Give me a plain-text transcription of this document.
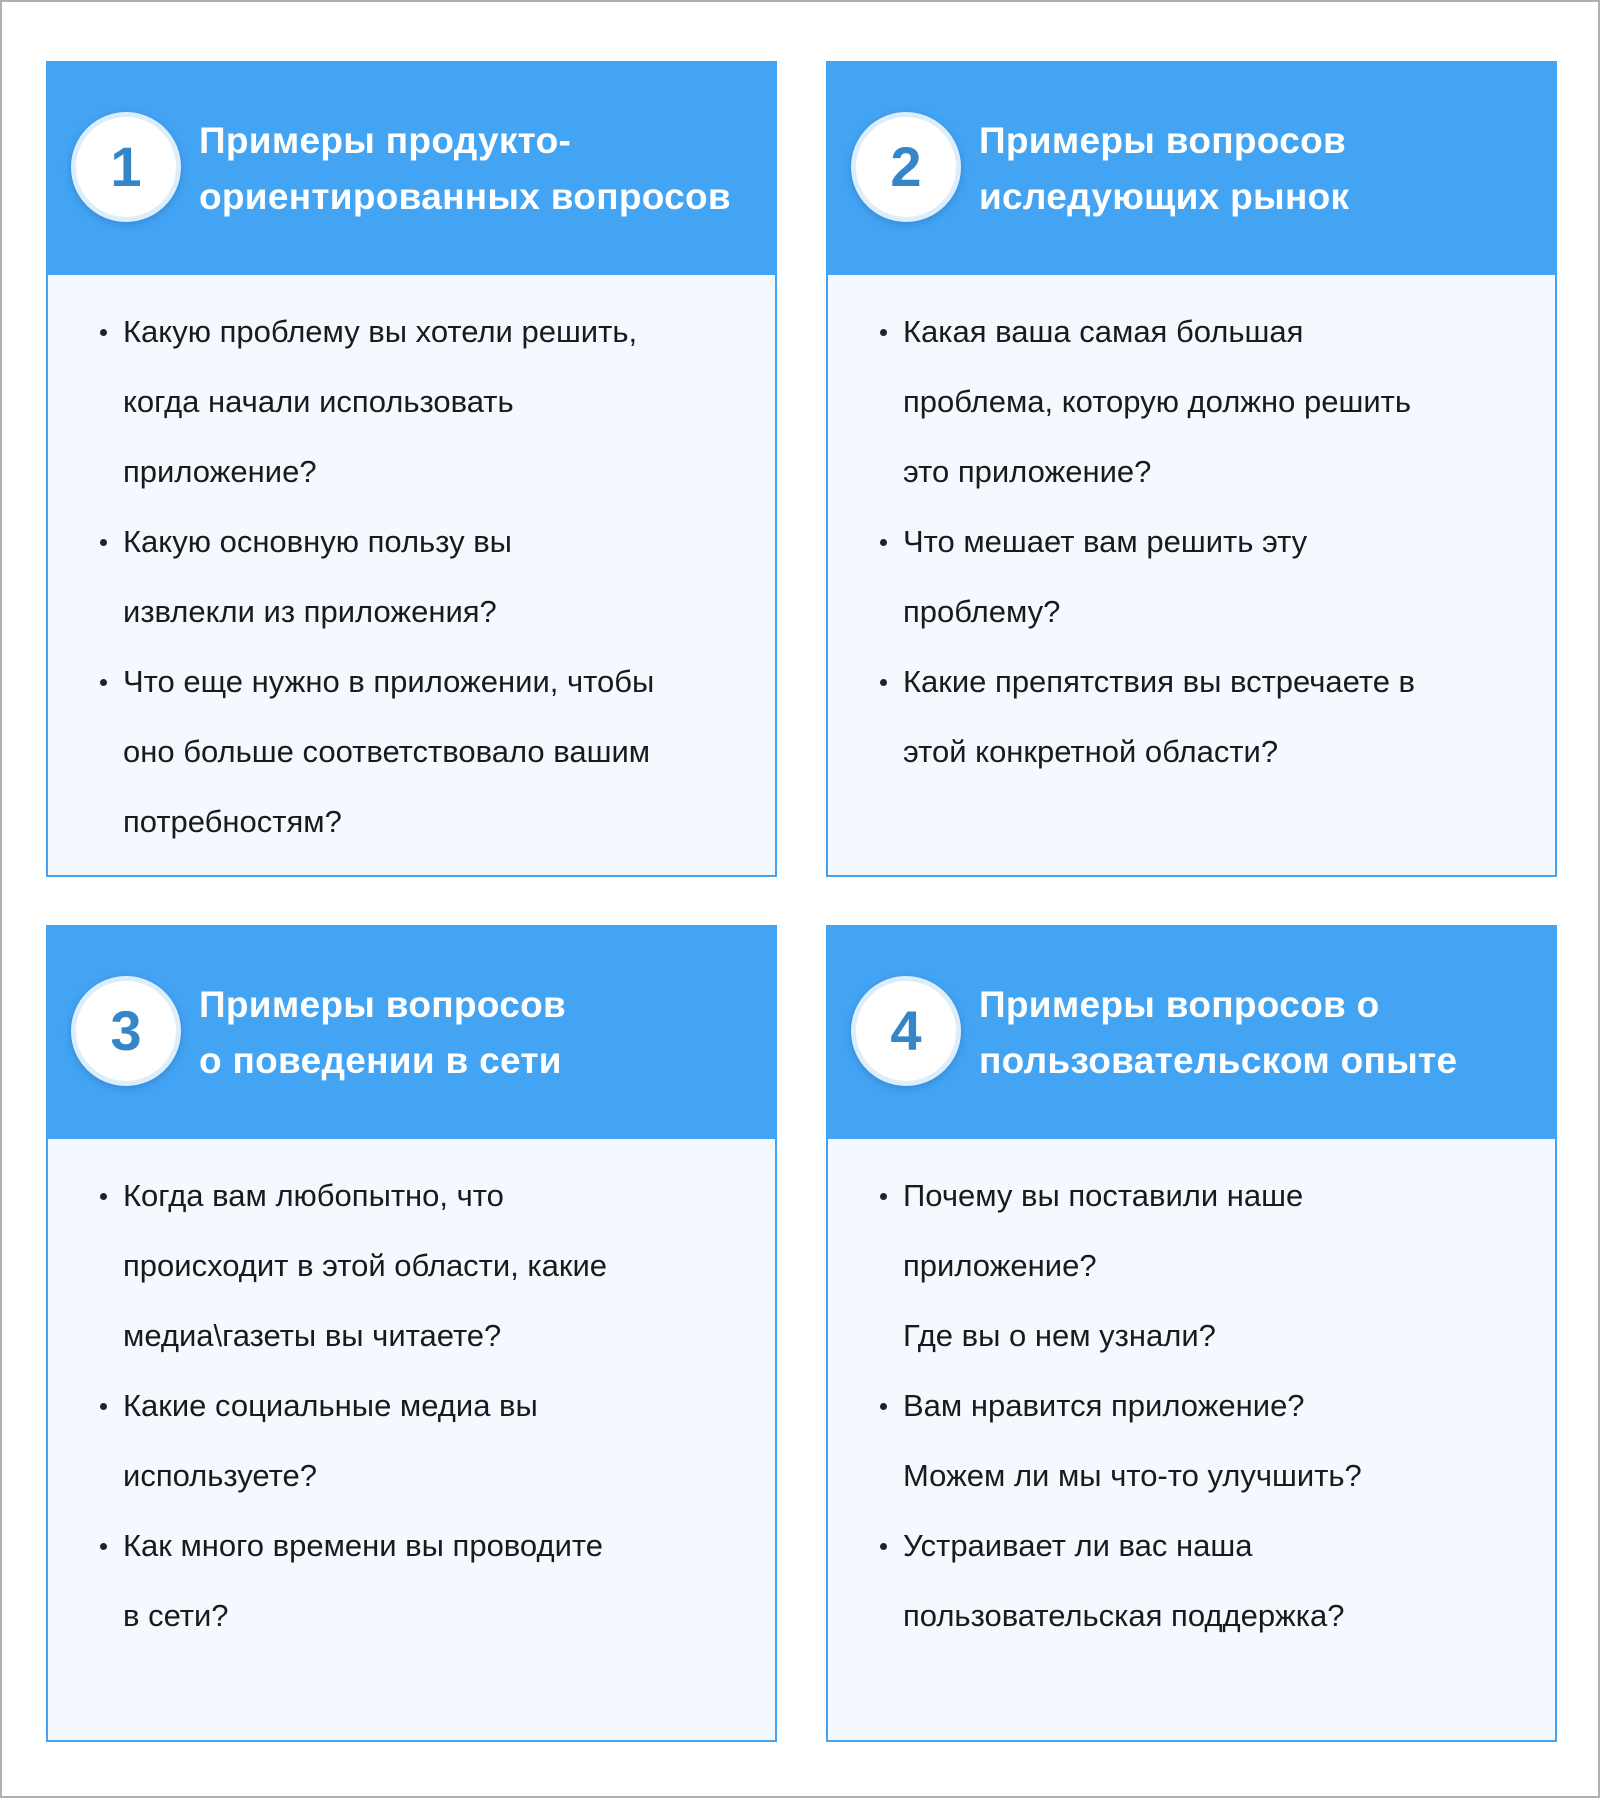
1 Примеры продукто-
ориентированных вопросов
Какую проблему вы хотели решить,
когда начали использовать
приложение?
Какую основную пользу вы
извлекли из приложения?
Что еще нужно в приложении, чтобы
оно больше соответствовало вашим
потребностям?
2 Примеры вопросов
иследующих рынок
Какая ваша самая большая
проблема, которую должно решить
это приложение?
Что мешает вам решить эту
проблему?
Какие препятствия вы встречаете в
этой конкретной области?
3 Примеры вопросов
о поведении в сети
Когда вам любопытно, что
происходит в этой области, какие
медиа\газеты вы читаете?
Какие социальные медиа вы
используете?
Как много времени вы проводите
в сети?
4 Примеры вопросов о
пользовательском опыте
Почему вы поставили наше
приложение?
Где вы о нем узнали?
Вам нравится приложение?
Можем ли мы что-то улучшить?
Устраивает ли вас наша
пользовательская поддержка?
